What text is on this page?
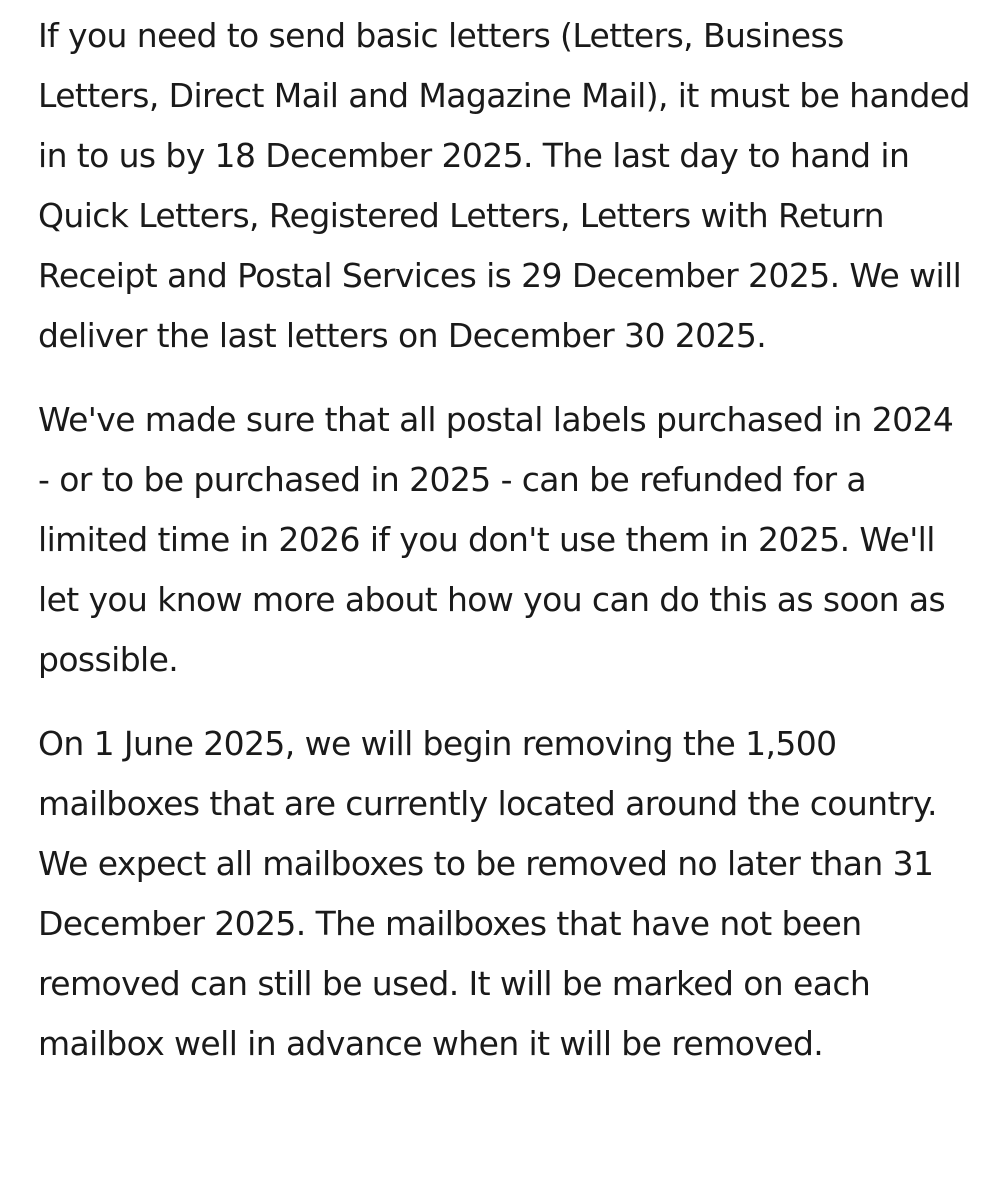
If you need to send basic letters (Letters, Business Letters, Direct Mail and Magazine Mail), it must be handed in to us by 18 December 2025. The last day to hand in Quick Letters, Registered Letters, Letters with Return Receipt and Postal Services is 29 December 2025. We will deliver the last letters on December 30 2025.

We've made sure that all postal labels purchased in 2024 - or to be purchased in 2025 - can be refunded for a limited time in 2026 if you don't use them in 2025. We'll let you know more about how you can do this as soon as possible.

On 1 June 2025, we will begin removing the 1,500 mailboxes that are currently located around the country. We expect all mailboxes to be removed no later than 31 December 2025. The mailboxes that have not been removed can still be used. It will be marked on each mailbox well in advance when it will be removed.
